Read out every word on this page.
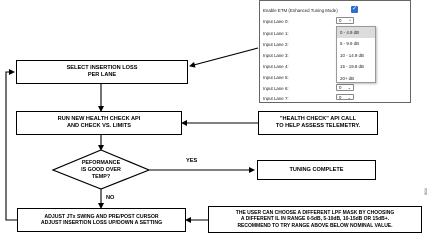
SELECT INSERTION LOSS
PER LANE
RUN NEW HEALTH CHECK API
AND CHECK VS. LIMITS
"HEALTH CHECK" API CALL
TO HELP ASSESS TELEMETRY.
PEFORMANCE
IS GOOD OVER
TEMP?
YES
NO
TUNING COMPLETE
ADJUST JTx SWING AND PRE/POST CURSOR
ADJUST INSERTION LOSS UP/DOWN A SETTING
THE USER CAN CHOOSE A DIFFERENT LPF MASK BY CHOOSING
A DIFFERENT IL IN RANGE 0-5dB, 5-10dB, 10-15dB OR 15dB+.
RECOMMEND TO TRY RANGE ABOVE BELOW NOMINAL VALUE.
Enable ETM (Enhanced Tuning Mode) ✓
Input Lane 0:	0 ^
Input Lane 1:
Input Lane 2:
Input Lane 3:
Input Lane 4:
Input Lane 5:
Input Lane 6:	0 ⌄
Input Lane 7:	0 ⌄
0 - 4.9 dB
5 - 9.9 dB
10 - 14.9 dB
15 - 19.9 dB
20+ dB
004
